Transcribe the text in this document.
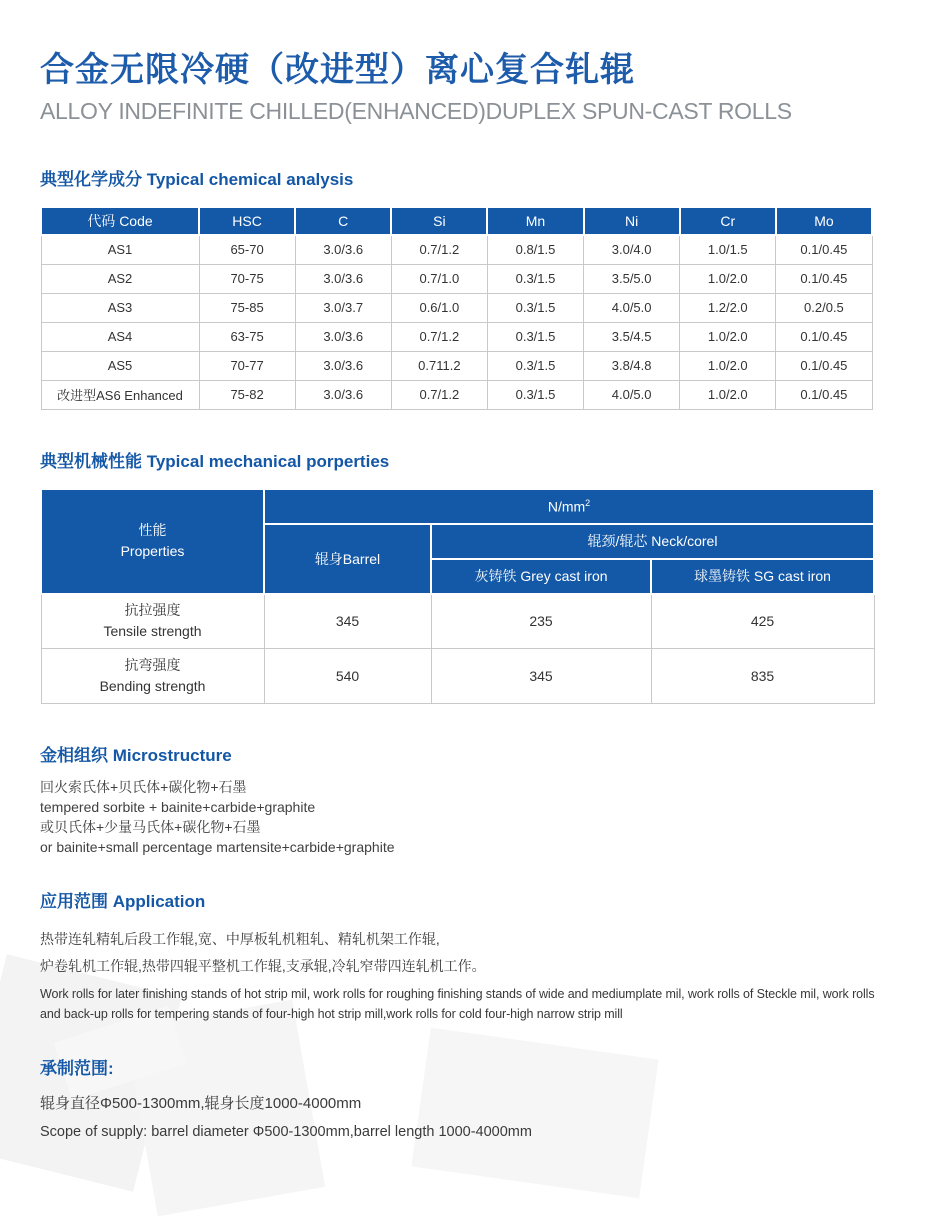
合金无限冷硬（改进型）离心复合轧辊
ALLOY INDEFINITE CHILLED(ENHANCED)DUPLEX SPUN-CAST ROLLS
典型化学成分 Typical chemical analysis
代码 Code	HSC	C	Si	Mn	Ni	Cr	Mo
AS1	65-70	3.0/3.6	0.7/1.2	0.8/1.5	3.0/4.0	1.0/1.5	0.1/0.45
AS2	70-75	3.0/3.6	0.7/1.0	0.3/1.5	3.5/5.0	1.0/2.0	0.1/0.45
AS3	75-85	3.0/3.7	0.6/1.0	0.3/1.5	4.0/5.0	1.2/2.0	0.2/0.5
AS4	63-75	3.0/3.6	0.7/1.2	0.3/1.5	3.5/4.5	1.0/2.0	0.1/0.45
AS5	70-77	3.0/3.6	0.711.2	0.3/1.5	3.8/4.8	1.0/2.0	0.1/0.45
改进型AS6 Enhanced	75-82	3.0/3.6	0.7/1.2	0.3/1.5	4.0/5.0	1.0/2.0	0.1/0.45
典型机械性能 Typical mechanical porperties
性能
Properties	$N/mm^2$
	辊身Barrel	辊颈/辊芯 Neck/corel	
		灰铸铁 Grey cast iron	球墨铸铁 SG cast iron

抗拉强度
Tensile strength	345	235	425

抗弯强度
Bending strength	540	345	835
金相组织 Microstructure
回火索氏体+贝氏体+碳化物+石墨
tempered sorbite + bainite+carbide+graphite
或贝氏体+少量马氏体+碳化物+石墨
or bainite+small percentage martensite+carbide+graphite
应用范围 Application
热带连轧精轧后段工作辊,宽、中厚板轧机粗轧、精轧机架工作辊,
炉卷轧机工作辊,热带四辊平整机工作辊,支承辊,冷轧窄带四连轧机工作。
Work rolls for later finishing stands of hot strip mil, work rolls for roughing finishing stands of wide and mediumplate mil, work rolls of Steckle mil, work rolls and back-up rolls for tempering stands of four-high hot strip mill,work rolls for cold four-high narrow strip mill
承制范围:
辊身直径Φ500-1300mm,辊身长度1000-4000mm
Scope of supply: barrel diameter Φ500-1300mm,barrel length 1000-4000mm
